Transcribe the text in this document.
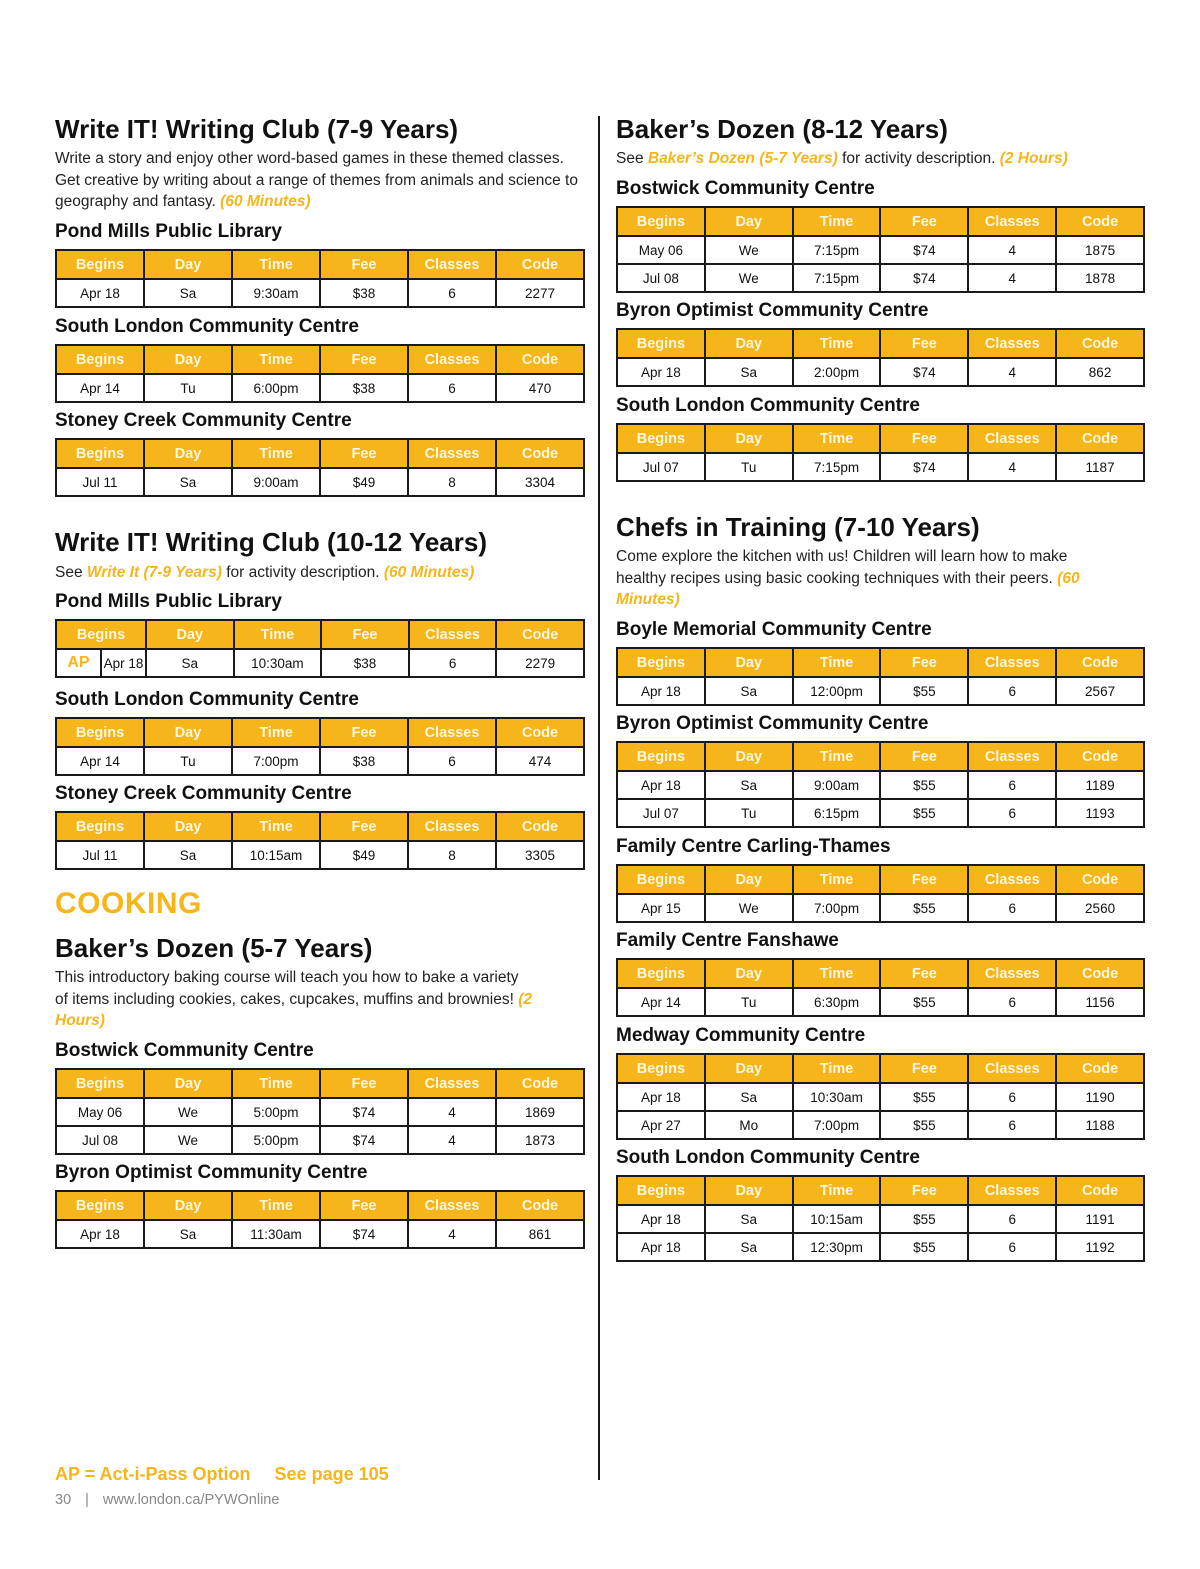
Write IT! Writing Club (7-9 Years)

Write a story and enjoy other word-based games in these themed classes. Get creative by writing about a range of themes from animals and science to geography and fantasy. (60 Minutes)

Pond Mills Public Library
Begins	Day	Time	Fee	Classes	Code
Apr 18	Sa	9:30am	$38	6	2277
South London Community Centre
Begins	Day	Time	Fee	Classes	Code
Apr 14	Tu	6:00pm	$38	6	470
Stoney Creek Community Centre
Begins	Day	Time	Fee	Classes	Code
Jul 11	Sa	9:00am	$49	8	3304
Write IT! Writing Club (10-12 Years)

See Write It (7-9 Years) for activity description. (60 Minutes)

Pond Mills Public Library
Begins		Day	Time	Fee	Classes	Code
AP	Apr 18	Sa	10:30am	$38	6	2279
South London Community Centre
Begins	Day	Time	Fee	Classes	Code
Apr 14	Tu	7:00pm	$38	6	474
Stoney Creek Community Centre
Begins	Day	Time	Fee	Classes	Code
Jul 11	Sa	10:15am	$49	8	3305
COOKING
Baker’s Dozen (5-7 Years)

This introductory baking course will teach you how to bake a variety of items including cookies, cakes, cupcakes, muffins and brownies! (2 Hours)

Bostwick Community Centre
Begins	Day	Time	Fee	Classes	Code
May 06	We	5:00pm	$74	4	1869
Jul 08	We	5:00pm	$74	4	1873
Byron Optimist Community Centre
Begins	Day	Time	Fee	Classes	Code
Apr 18	Sa	11:30am	$74	4	861
Baker’s Dozen (8-12 Years)

See Baker’s Dozen (5-7 Years) for activity description. (2 Hours)

Bostwick Community Centre
Begins	Day	Time	Fee	Classes	Code
May 06	We	7:15pm	$74	4	1875
Jul 08	We	7:15pm	$74	4	1878
Byron Optimist Community Centre
Begins	Day	Time	Fee	Classes	Code
Apr 18	Sa	2:00pm	$74	4	862
South London Community Centre
Begins	Day	Time	Fee	Classes	Code
Jul 07	Tu	7:15pm	$74	4	1187
Chefs in Training (7-10 Years)

Come explore the kitchen with us! Children will learn how to make healthy recipes using basic cooking techniques with their peers. (60 Minutes)

Boyle Memorial Community Centre
Begins	Day	Time	Fee	Classes	Code
Apr 18	Sa	12:00pm	$55	6	2567
Byron Optimist Community Centre
Begins	Day	Time	Fee	Classes	Code
Apr 18	Sa	9:00am	$55	6	1189
Jul 07	Tu	6:15pm	$55	6	1193
Family Centre Carling-Thames
Begins	Day	Time	Fee	Classes	Code
Apr 15	We	7:00pm	$55	6	2560
Family Centre Fanshawe
Begins	Day	Time	Fee	Classes	Code
Apr 14	Tu	6:30pm	$55	6	1156
Medway Community Centre
Begins	Day	Time	Fee	Classes	Code
Apr 18	Sa	10:30am	$55	6	1190
Apr 27	Mo	7:00pm	$55	6	1188
South London Community Centre
Begins	Day	Time	Fee	Classes	Code
Apr 18	Sa	10:15am	$55	6	1191
Apr 18	Sa	12:30pm	$55	6	1192
AP = Act-i-Pass Option See page 105
30 | www.london.ca/PYWOnline
